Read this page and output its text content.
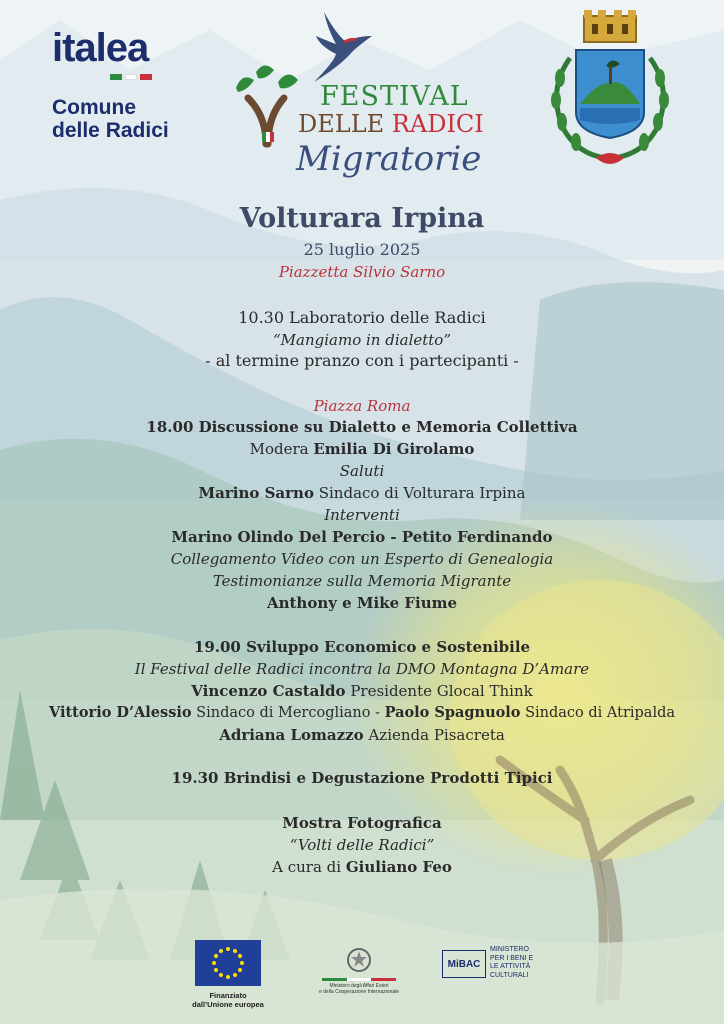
italea
Comune
delle Radici
FESTIVAL
DELLE RADICI
Migratorie
Volturara Irpina
25 luglio 2025
Piazzetta Silvio Sarno
10.30 Laboratorio delle Radici
“Mangiamo in dialetto”
- al termine pranzo con i partecipanti -
Piazza Roma
18.00 Discussione su Dialetto e Memoria Collettiva
Modera Emilia Di Girolamo
Saluti
Marino Sarno Sindaco di Volturara Irpina
Interventi
Marino Olindo Del Percio - Petito Ferdinando
Collegamento Video con un Esperto di Genealogia
Testimonianze sulla Memoria Migrante
Anthony e Mike Fiume
19.00 Sviluppo Economico e Sostenibile
Il Festival delle Radici incontra la DMO Montagna D’Amare
Vincenzo Castaldo Presidente Glocal Think
Vittorio D’Alessio Sindaco di Mercogliano - Paolo Spagnuolo Sindaco di Atripalda
Adriana Lomazzo Azienda Pisacreta
19.30 Brindisi e Degustazione Prodotti Tipici
Mostra Fotografica
“Volti delle Radici”
A cura di Giuliano Feo
Finanziato
dall’Unione europea
Ministero degli Affari Esteri
e della Cooperazione Internazionale
MiBAC
MINISTERO
PER I BENI E
LE ATTIVITÀ
CULTURALI
